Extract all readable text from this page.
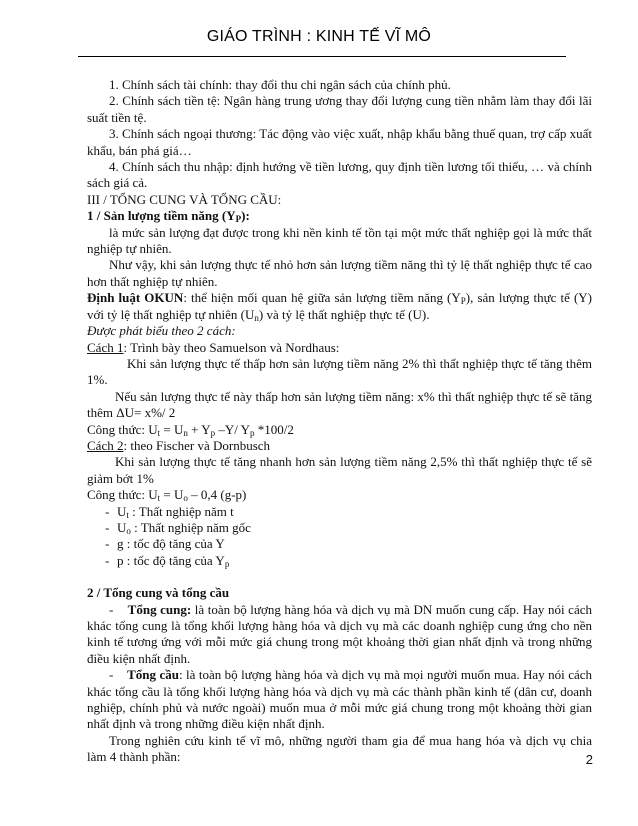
GIÁO TRÌNH : KINH TẾ VĨ MÔ

1. Chính sách tài chính: thay đổi thu chi ngân sách của chính phủ.

2. Chính sách tiền tệ: Ngân hàng trung ương thay đổi lượng cung tiền nhằm làm thay đổi lãi suất tiền tệ.

3. Chính sách ngoại thương: Tác động vào việc xuất, nhập khẩu bằng thuế quan, trợ cấp xuất khẩu, bán phá giá…

4. Chính sách thu nhập: định hướng về tiền lương, quy định tiền lương tối thiểu, … và chính sách giá cả.

III / TỔNG CUNG VÀ TỔNG CẦU:

1 / Sản lượng tiềm năng $(Y_P)$:

là mức sản lượng đạt được trong khi nền kinh tế tồn tại một mức thất nghiệp gọi là mức thất nghiệp tự nhiên.

Như vậy, khi sản lượng thực tế nhỏ hơn sản lượng tiềm năng thì tỷ lệ thất nghiệp thực tế cao hơn thất nghiệp tự nhiên.

Định luật OKUN: thể hiện mối quan hệ giữa sản lượng tiềm năng $(Y_P)$, sản lượng thực tế (Y) với tỷ lệ thất nghiệp tự nhiên $(U_n)$ và tỷ lệ thất nghiệp thực tế (U).

Được phát biểu theo 2 cách:

Cách 1: Trình bày theo Samuelson và Nordhaus:

Khi sản lượng thực tế thấp hơn sản lượng tiềm năng 2% thì thất nghiệp thực tế tăng thêm 1%.

Nếu sản lượng thực tế này thấp hơn sản lượng tiềm năng: x% thì thất nghiệp thực tế sẽ tăng thêm ΔU= x%/ 2

Công thức: $U_t = U_n + Y_p$ –Y/ $Y_p$ *100/2

Cách 2: theo Fischer và Dornbusch

Khi sản lượng thực tế tăng nhanh hơn sản lượng tiềm năng 2,5% thì thất nghiệp thực tế sẽ giảm bớt 1%

Công thức: $U_t = U_o - 0,4$ (g-p)

- $U_t$ : Thất nghiệp năm t

- $U_o$ : Thất nghiệp năm gốc

- g : tốc độ tăng của Y

- p : tốc độ tăng của $Y_p$

2 / Tổng cung và tổng cầu

- Tổng cung: là toàn bộ lượng hàng hóa và dịch vụ mà DN muốn cung cấp. Hay nói cách khác tổng cung là tổng khối lượng hàng hóa và dịch vụ mà các doanh nghiệp cung ứng cho nền kinh tế tương ứng với mỗi mức giá chung trong một khoảng thời gian nhất định và trong những điều kiện nhất định.

- Tổng cầu: là toàn bộ lượng hàng hóa và dịch vụ mà mọi người muốn mua. Hay nói cách khác tổng cầu là tổng khối lượng hàng hóa và dịch vụ mà các thành phần kinh tế (dân cư, doanh nghiệp, chính phủ và nước ngoài) muốn mua ở mỗi mức giá chung trong một khoảng thời gian nhất định và trong những điều kiện nhất định.

Trong nghiên cứu kinh tế vĩ mô, những người tham gia để mua hang hóa và dịch vụ chia làm 4 thành phần:	2
